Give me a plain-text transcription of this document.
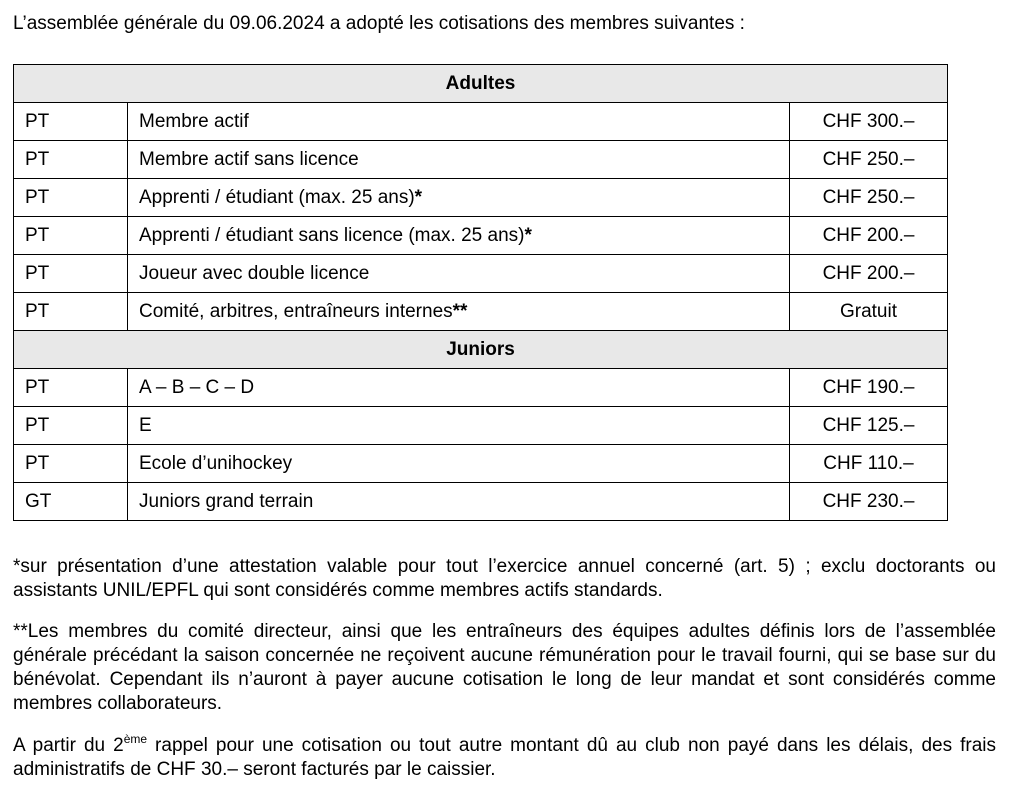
L’assemblée générale du 09.06.2024 a adopté les cotisations des membres suivantes :
Adultes		
PT	Membre actif	CHF 300.–
PT	Membre actif sans licence	CHF 250.–
PT	Apprenti / étudiant (max. 25 ans)*	CHF 250.–
PT	Apprenti / étudiant sans licence (max. 25 ans)*	CHF 200.–
PT	Joueur avec double licence	CHF 200.–
PT	Comité, arbitres, entraîneurs internes**	Gratuit
Juniors		
PT	A – B – C – D	CHF 190.–
PT	E	CHF 125.–
PT	Ecole d’unihockey	CHF 110.–
GT	Juniors grand terrain	CHF 230.–

*sur présentation d’une attestation valable pour tout l’exercice annuel concerné (art. 5) ; exclu doctorants ou assistants UNIL/EPFL qui sont considérés comme membres actifs standards.

**Les membres du comité directeur, ainsi que les entraîneurs des équipes adultes définis lors de l’assemblée générale précédant la saison concernée ne reçoivent aucune rémunération pour le travail fourni, qui se base sur du bénévolat. Cependant ils n’auront à payer aucune cotisation le long de leur mandat et sont considérés comme membres collaborateurs.

A partir du 2ème rappel pour une cotisation ou tout autre montant dû au club non payé dans les délais, des frais administratifs de CHF 30.– seront facturés par le caissier.
